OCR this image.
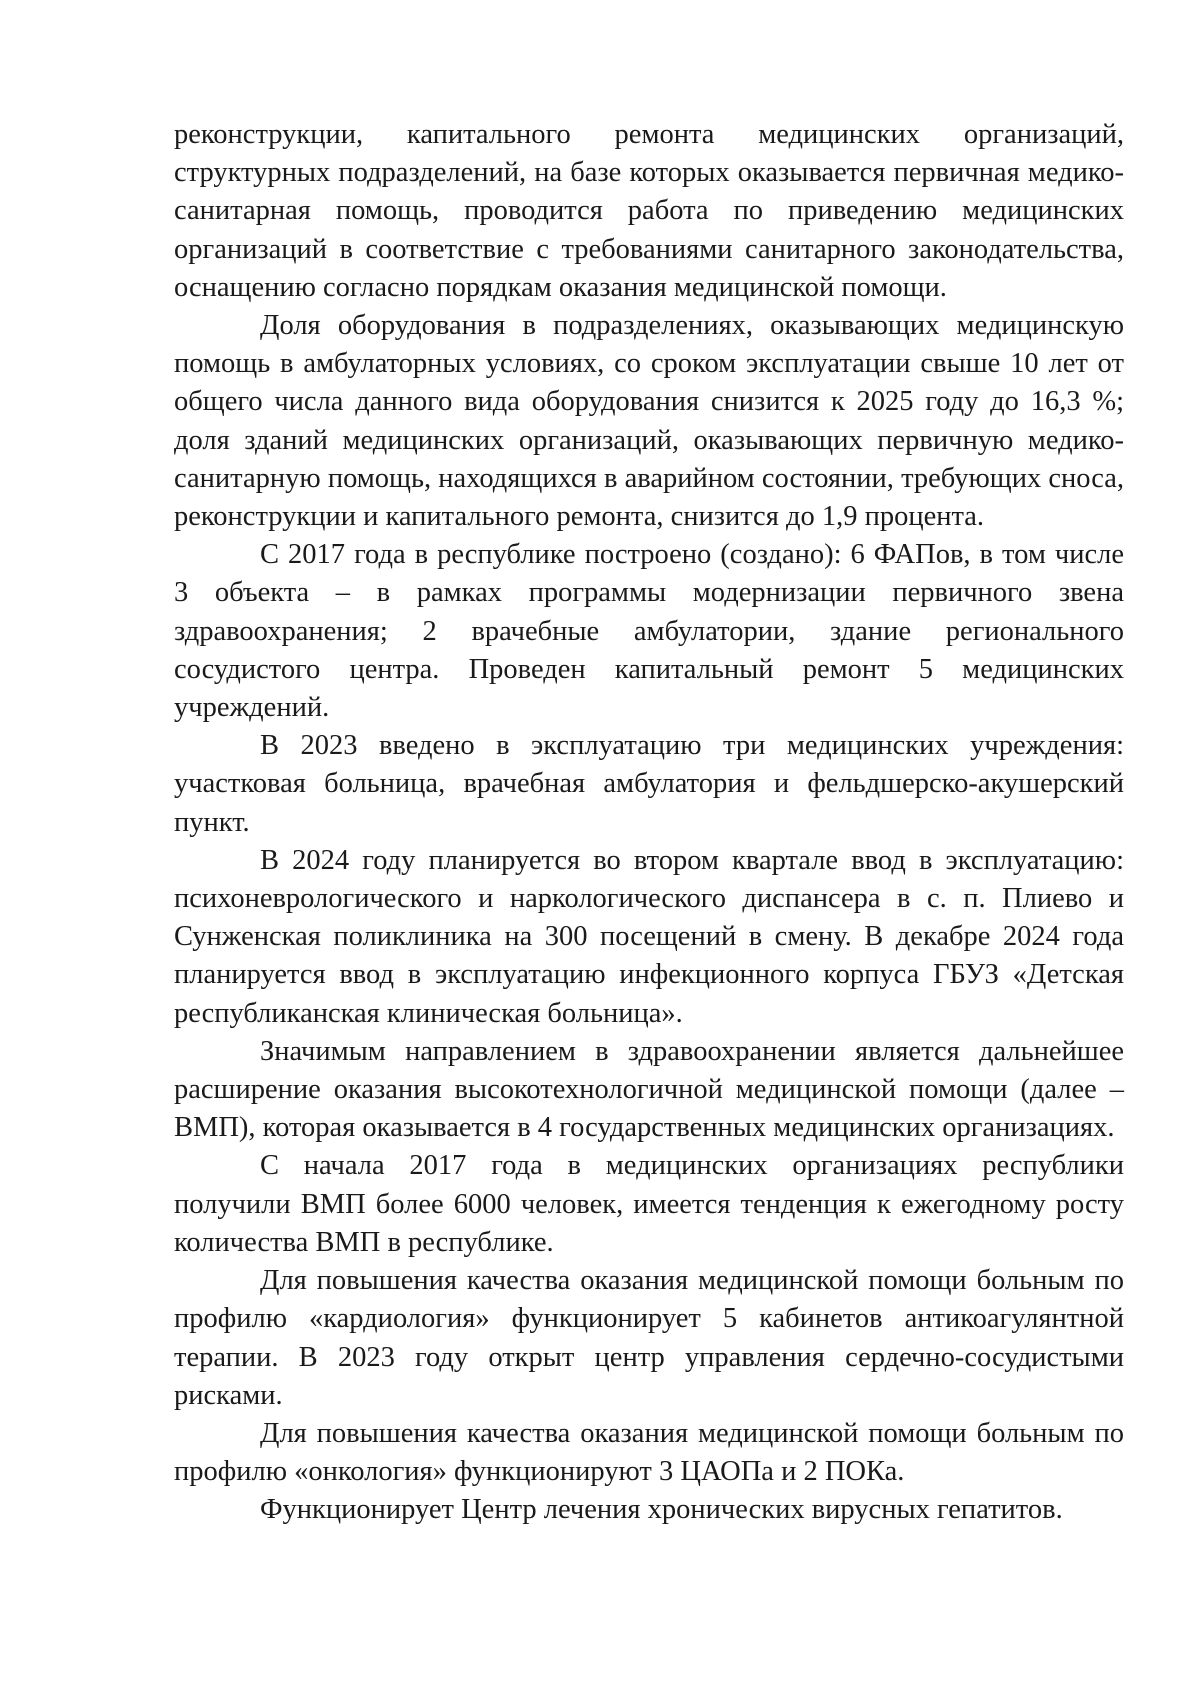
реконструкции, капитального ремонта медицинских организаций, структурных подразделений, на базе которых оказывается первичная медико-санитарная помощь, проводится работа по приведению медицинских организаций в соответствие с требованиями санитарного законодательства, оснащению согласно порядкам оказания медицинской помощи.

Доля оборудования в подразделениях, оказывающих медицинскую помощь в амбулаторных условиях, со сроком эксплуатации свыше 10 лет от общего числа данного вида оборудования снизится к 2025 году до 16,3 %; доля зданий медицинских организаций, оказывающих первичную медико-санитарную помощь, находящихся в аварийном состоянии, требующих сноса, реконструкции и капитального ремонта, снизится до 1,9 процента.

С 2017 года в республике построено (создано): 6 ФАПов, в том числе 3 объекта – в рамках программы модернизации первичного звена здравоохранения; 2 врачебные амбулатории, здание регионального сосудистого центра. Проведен капитальный ремонт 5 медицинских учреждений.

В 2023 введено в эксплуатацию три медицинских учреждения: участковая больница, врачебная амбулатория и фельдшерско-акушерский пункт.

В 2024 году планируется во втором квартале ввод в эксплуатацию: психоневрологического и наркологического диспансера в с. п. Плиево и Сунженская поликлиника на 300 посещений в смену. В декабре 2024 года планируется ввод в эксплуатацию инфекционного корпуса ГБУЗ «Детская республиканская клиническая больница».

Значимым направлением в здравоохранении является дальнейшее расширение оказания высокотехнологичной медицинской помощи (далее – ВМП), которая оказывается в 4 государственных медицинских организациях.

С начала 2017 года в медицинских организациях республики получили ВМП более 6000 человек, имеется тенденция к ежегодному росту количества ВМП в республике.

Для повышения качества оказания медицинской помощи больным по профилю «кардиология» функционирует 5 кабинетов антикоагулянтной терапии. В 2023 году открыт центр управления сердечно-сосудистыми рисками.

Для повышения качества оказания медицинской помощи больным по профилю «онкология» функционируют 3 ЦАОПа и 2 ПОКа.

Функционирует Центр лечения хронических вирусных гепатитов.
